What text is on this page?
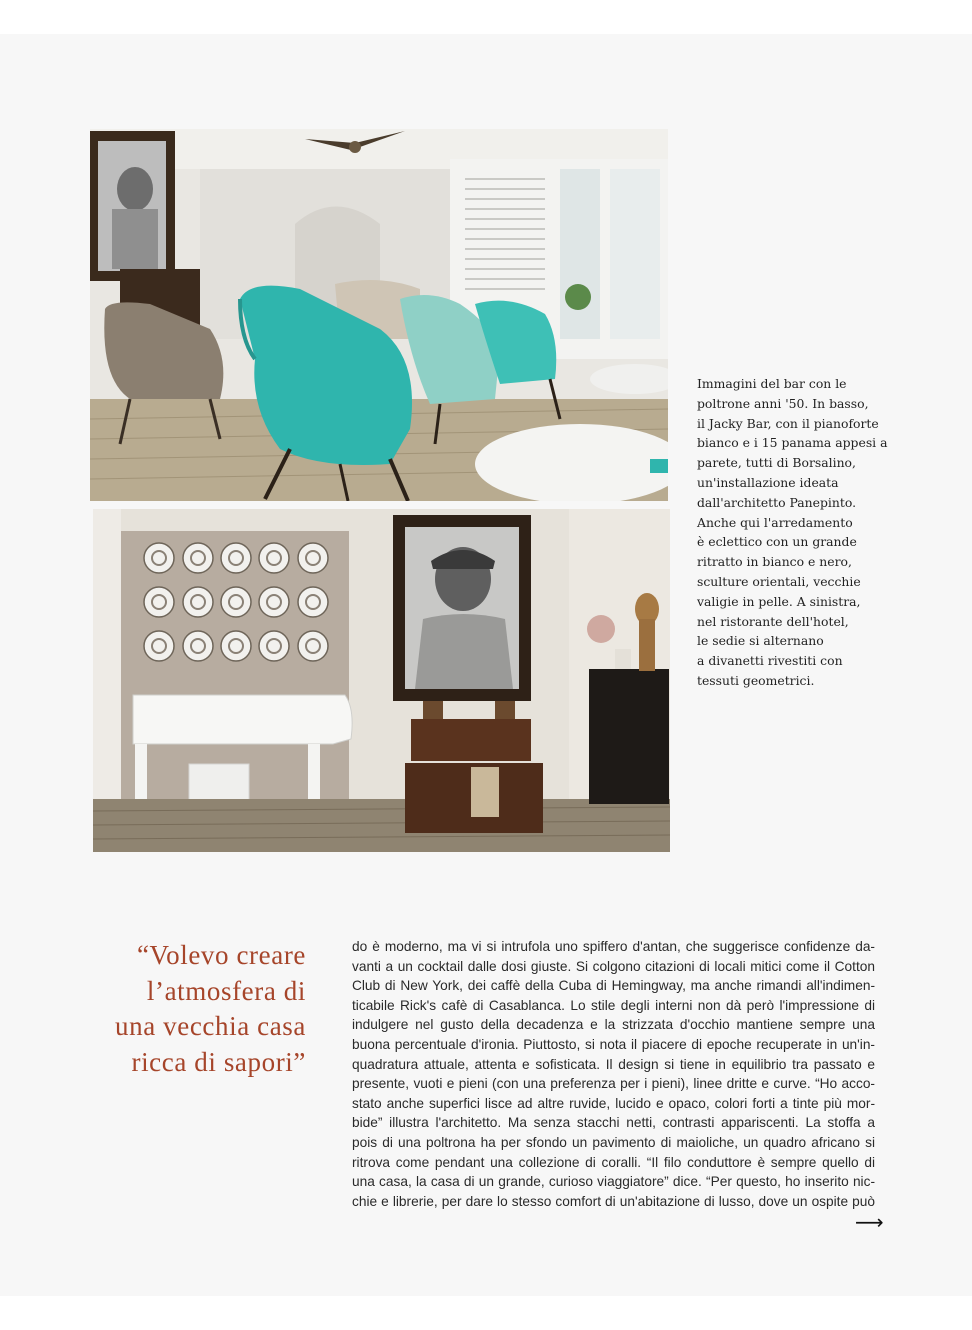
Immagini del bar con le
poltrone anni '50. In basso,
il Jacky Bar, con il pianoforte
bianco e i 15 panama appesi a
parete, tutti di Borsalino,
un'installazione ideata
dall'architetto Panepinto.
Anche qui l'arredamento
è eclettico con un grande
ritratto in bianco e nero,
sculture orientali, vecchie
valigie in pelle. A sinistra,
nel ristorante dell'hotel,
le sedie si alternano
a divanetti rivestiti con
tessuti geometrici.
“Volevo creare
l’atmosfera di
una vecchia casa
ricca di sapori”
do è moderno, ma vi si intrufola uno spiffero d'antan, che suggerisce confidenze da-
vanti a un cocktail dalle dosi giuste. Si colgono citazioni di locali mitici come il Cotton
Club di New York, dei caffè della Cuba di Hemingway, ma anche rimandi all'indimen-
ticabile Rick's cafè di Casablanca. Lo stile degli interni non dà però l'impressione di
indulgere nel gusto della decadenza e la strizzata d'occhio mantiene sempre una
buona percentuale d'ironia. Piuttosto, si nota il piacere di epoche recuperate in un'in-
quadratura attuale, attenta e sofisticata. Il design si tiene in equilibrio tra passato e
presente, vuoti e pieni (con una preferenza per i pieni), linee dritte e curve. “Ho acco-
stato anche superfici lisce ad altre ruvide, lucido e opaco, colori forti a tinte più mor-
bide” illustra l'architetto. Ma senza stacchi netti, contrasti appariscenti. La stoffa a
pois di una poltrona ha per sfondo un pavimento di maioliche, un quadro africano si
ritrova come pendant una collezione di coralli. “Il filo conduttore è sempre quello di
una casa, la casa di un grande, curioso viaggiatore” dice. “Per questo, ho inserito nic-
chie e librerie, per dare lo stesso comfort di un'abitazione di lusso, dove un ospite può
⟶
